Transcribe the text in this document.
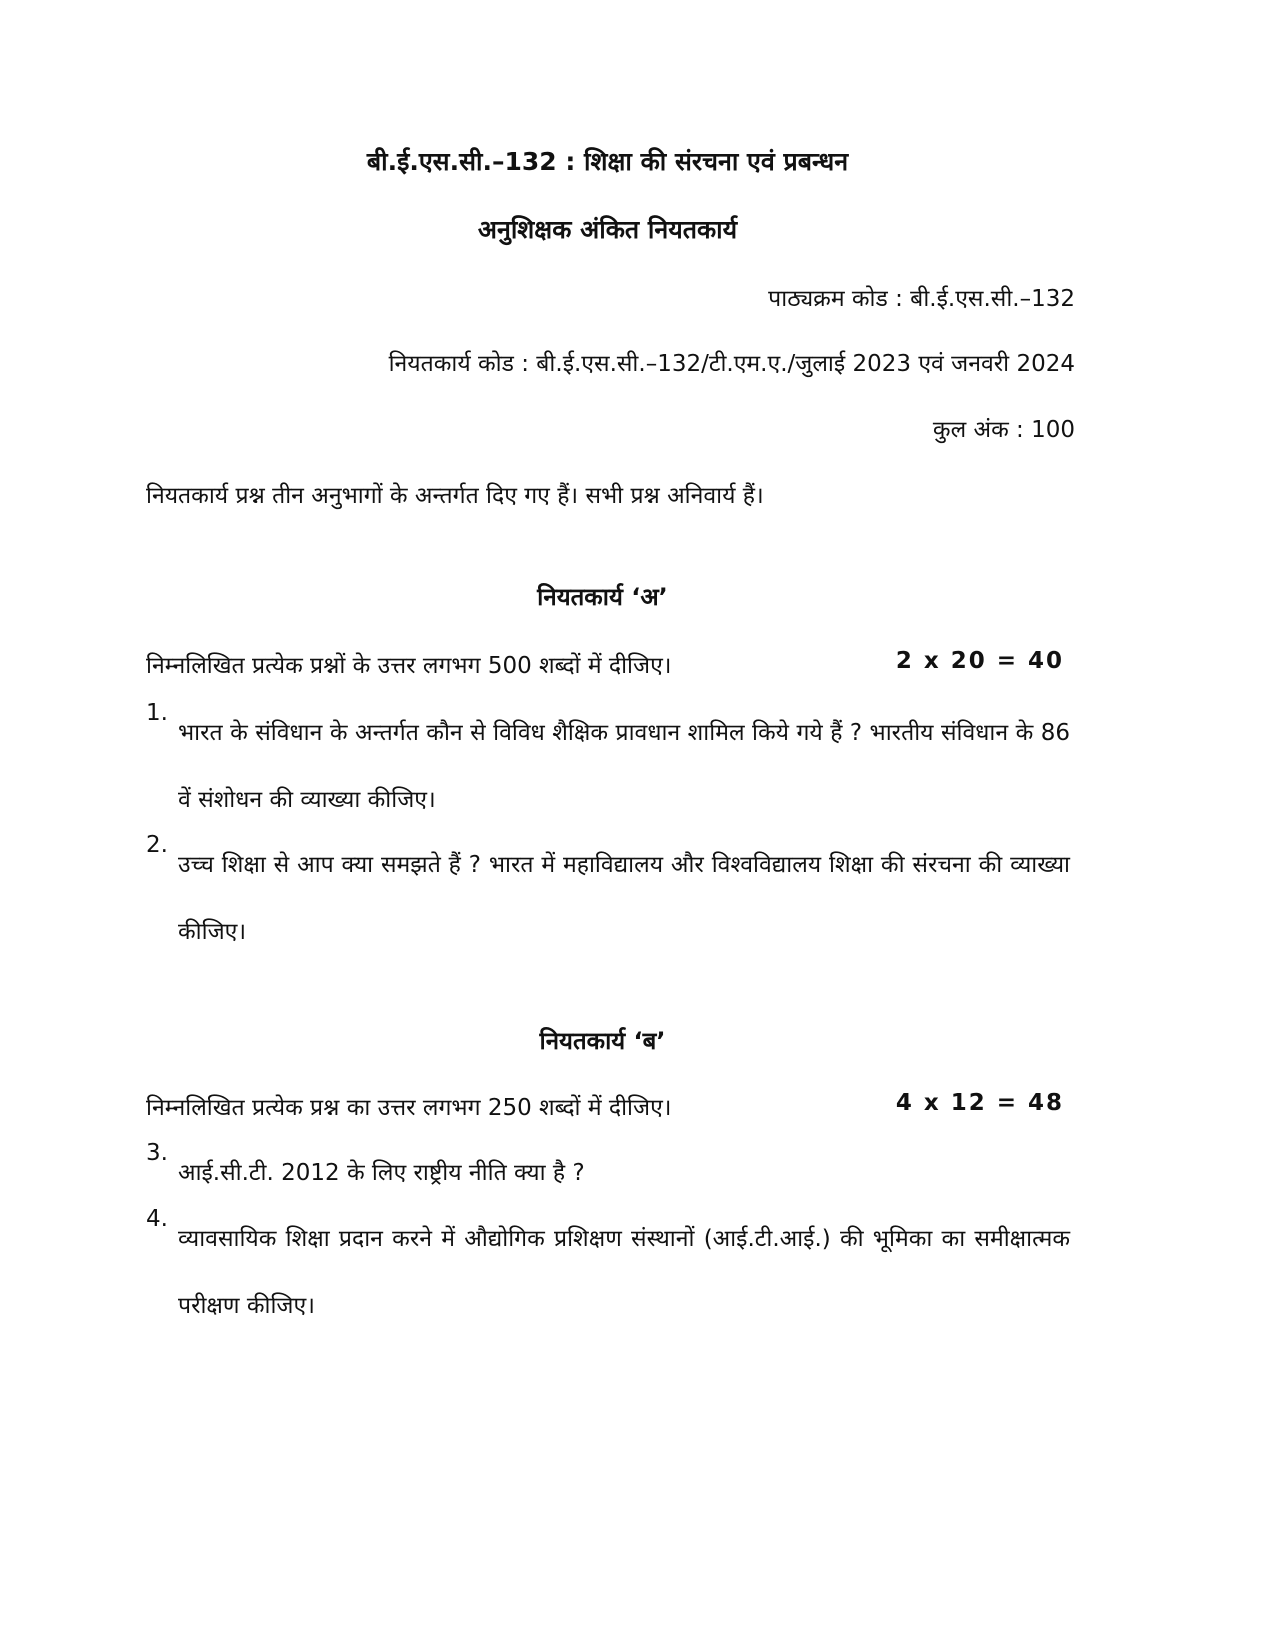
बी.ई.एस.सी.–132 : शिक्षा की संरचना एवं प्रबन्धन
अनुशिक्षक अंकित नियतकार्य
पाठ्यक्रम कोड : बी.ई.एस.सी.–132
नियतकार्य कोड : बी.ई.एस.सी.–132/टी.एम.ए./जुलाई 2023 एवं जनवरी 2024
कुल अंक : 100
नियतकार्य प्रश्न तीन अनुभागों के अन्तर्गत दिए गए हैं। सभी प्रश्न अनिवार्य हैं।
नियतकार्य ‘अ’
निम्नलिखित प्रत्येक प्रश्नों के उत्तर लगभग 500 शब्दों में दीजिए।	2 x 20 = 40
1.
भारत के संविधान के अन्तर्गत कौन से विविध शैक्षिक प्रावधान शामिल किये गये हैं ? भारतीय संविधान के 86 वें संशोधन की व्याख्या कीजिए।
2.
उच्च शिक्षा से आप क्या समझते हैं ? भारत में महाविद्यालय और विश्वविद्यालय शिक्षा की संरचना की व्याख्या कीजिए।
नियतकार्य ‘ब’
निम्नलिखित प्रत्येक प्रश्न का उत्तर लगभग 250 शब्दों में दीजिए।	4 x 12 = 48
3.
आई.सी.टी. 2012 के लिए राष्ट्रीय नीति क्या है ?
4.
व्यावसायिक शिक्षा प्रदान करने में औद्योगिक प्रशिक्षण संस्थानों (आई.टी.आई.) की भूमिका का समीक्षात्मक परीक्षण कीजिए।
